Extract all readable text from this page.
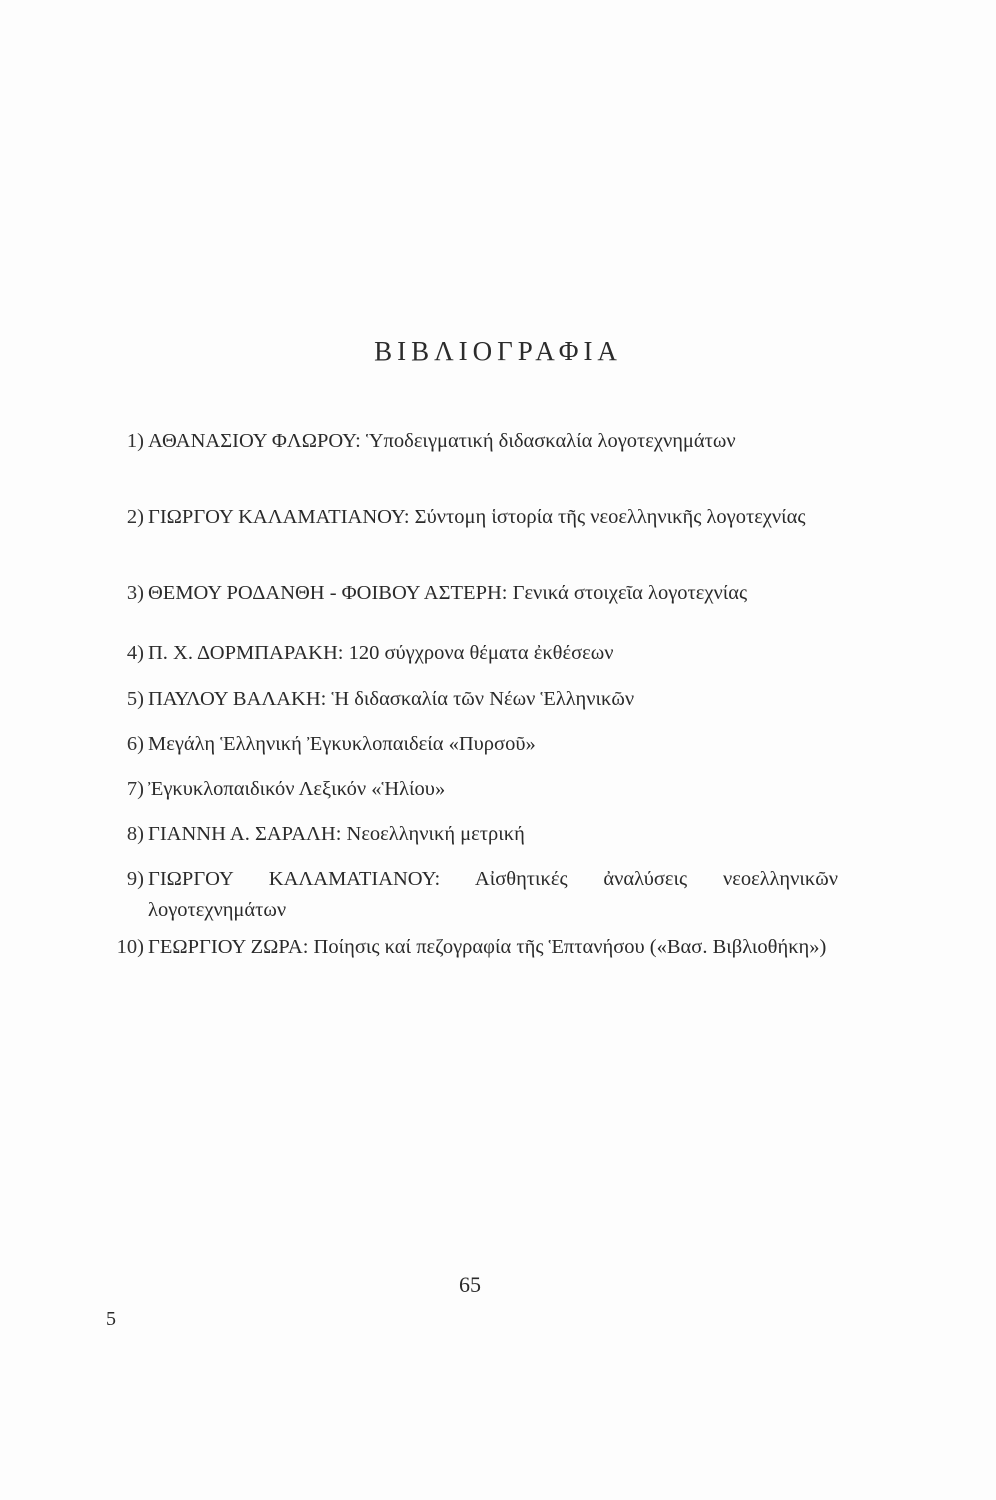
ΒΙΒΛΙΟΓΡΑΦΙΑ
1) ΑΘΑΝΑΣΙΟΥ ΦΛΩΡΟΥ: Ὑποδειγματική διδασκαλία λογοτεχνημάτων
2) ΓΙΩΡΓΟΥ ΚΑΛΑΜΑΤΙΑΝΟΥ: Σύντομη ἱστορία τῆς νεοελληνικῆς λογοτεχνίας
3) ΘΕΜΟΥ ΡΟΔΑΝΘΗ - ΦΟΙΒΟΥ ΑΣΤΕΡΗ: Γενικά στοιχεῖα λογοτεχνίας
4) Π. Χ. ΔΟΡΜΠΑΡΑΚΗ: 120 σύγχρονα θέματα ἐκθέσεων
5) ΠΑΥΛΟΥ ΒΑΛΑΚΗ: Ἡ διδασκαλία τῶν Νέων Ἑλληνικῶν
6) Μεγάλη Ἑλληνική Ἐγκυκλοπαιδεία «Πυρσοῦ»
7) Ἐγκυκλοπαιδικόν Λεξικόν «Ἡλίου»
8) ΓΙΑΝΝΗ Α. ΣΑΡΑΛΗ: Νεοελληνική μετρική
9) ΓΙΩΡΓΟΥ ΚΑΛΑΜΑΤΙΑΝΟΥ: Αἰσθητικές ἀναλύσεις νεοελληνικῶν λογοτεχνημάτων
10) ΓΕΩΡΓΙΟΥ ΖΩΡΑ: Ποίησις καί πεζογραφία τῆς Ἑπτανήσου («Βασ. Βιβλιοθήκη»)
65
5
